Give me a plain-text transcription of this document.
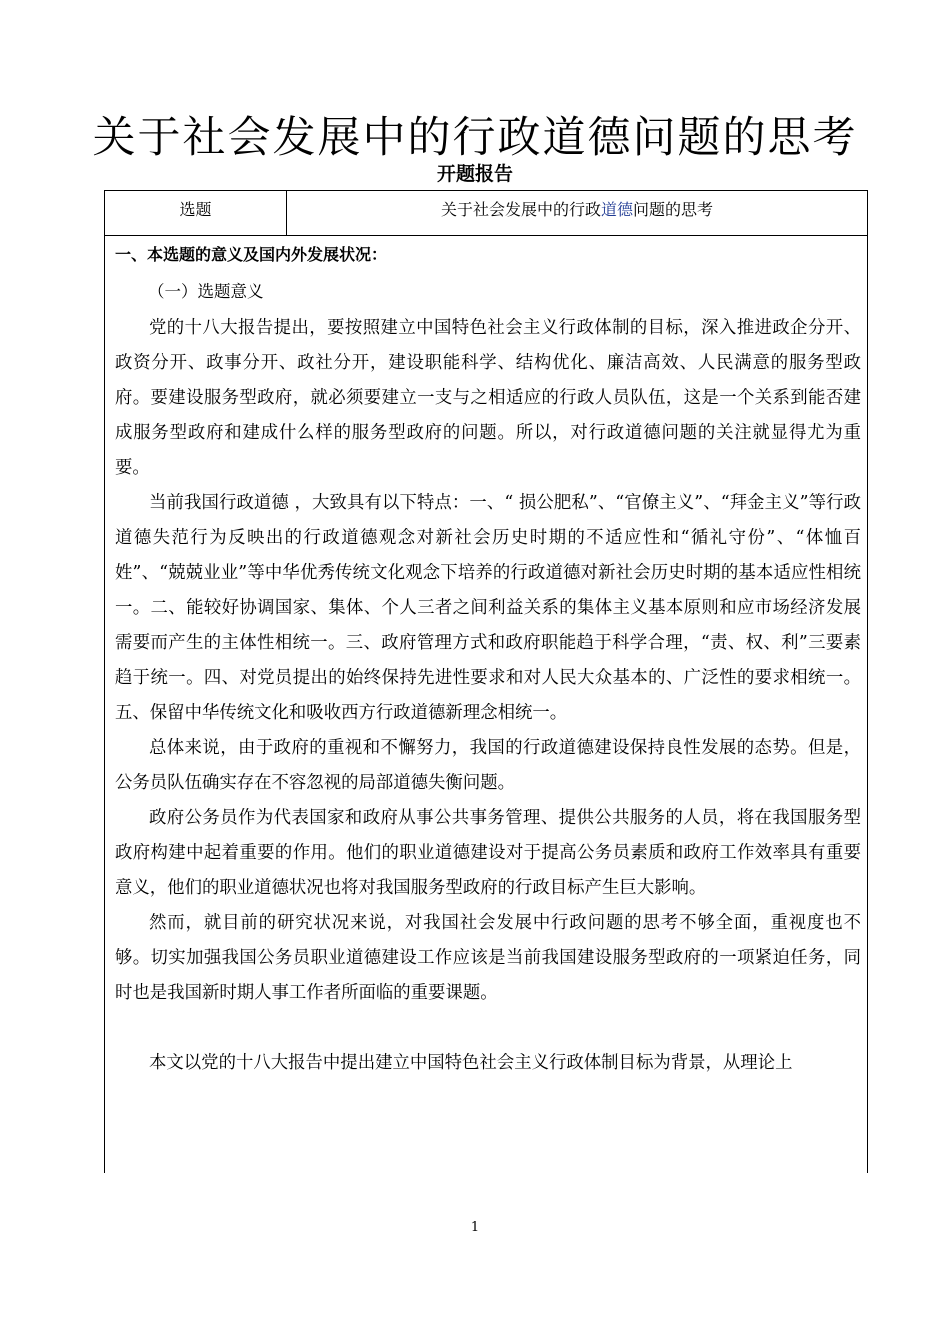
关于社会发展中的行政道德问题的思考
开题报告
选题	关于社会发展中的行政道德问题的思考

一、本选题的意义及国内外发展状况：

（一）选题意义

党的十八大报告提出，要按照建立中国特色社会主义行政体制的目标，深入推进政企分开、政资分开、政事分开、政社分开，建设职能科学、结构优化、廉洁高效、人民满意的服务型政府。要建设服务型政府，就必须要建立一支与之相适应的行政人员队伍，这是一个关系到能否建成服务型政府和建成什么样的服务型政府的问题。所以，对行政道德问题的关注就显得尤为重要。

当前我国行政道德 ，大致具有以下特点：一、“ 损公肥私”、“官僚主义”、“拜金主义”等行政道德失范行为反映出的行政道德观念对新社会历史时期的不适应性和“循礼守份”、“体恤百姓”、“兢兢业业”等中华优秀传统文化观念下培养的行政道德对新社会历史时期的基本适应性相统一。二、能较好协调国家、集体、个人三者之间利益关系的集体主义基本原则和应市场经济发展需要而产生的主体性相统一。三、政府管理方式和政府职能趋于科学合理，“责、权、利”三要素趋于统一。四、对党员提出的始终保持先进性要求和对人民大众基本的、广泛性的要求相统一。五、保留中华传统文化和吸收西方行政道德新理念相统一。

总体来说，由于政府的重视和不懈努力，我国的行政道德建设保持良性发展的态势。但是，公务员队伍确实存在不容忽视的局部道德失衡问题。

政府公务员作为代表国家和政府从事公共事务管理、提供公共服务的人员，将在我国服务型政府构建中起着重要的作用。他们的职业道德建设对于提高公务员素质和政府工作效率具有重要意义，他们的职业道德状况也将对我国服务型政府的行政目标产生巨大影响。

然而，就目前的研究状况来说，对我国社会发展中行政问题的思考不够全面，重视度也不够。切实加强我国公务员职业道德建设工作应该是当前我国建设服务型政府的一项紧迫任务，同时也是我国新时期人事工作者所面临的重要课题。

本文以党的十八大报告中提出建立中国特色社会主义行政体制目标为背景，从理论上

1
